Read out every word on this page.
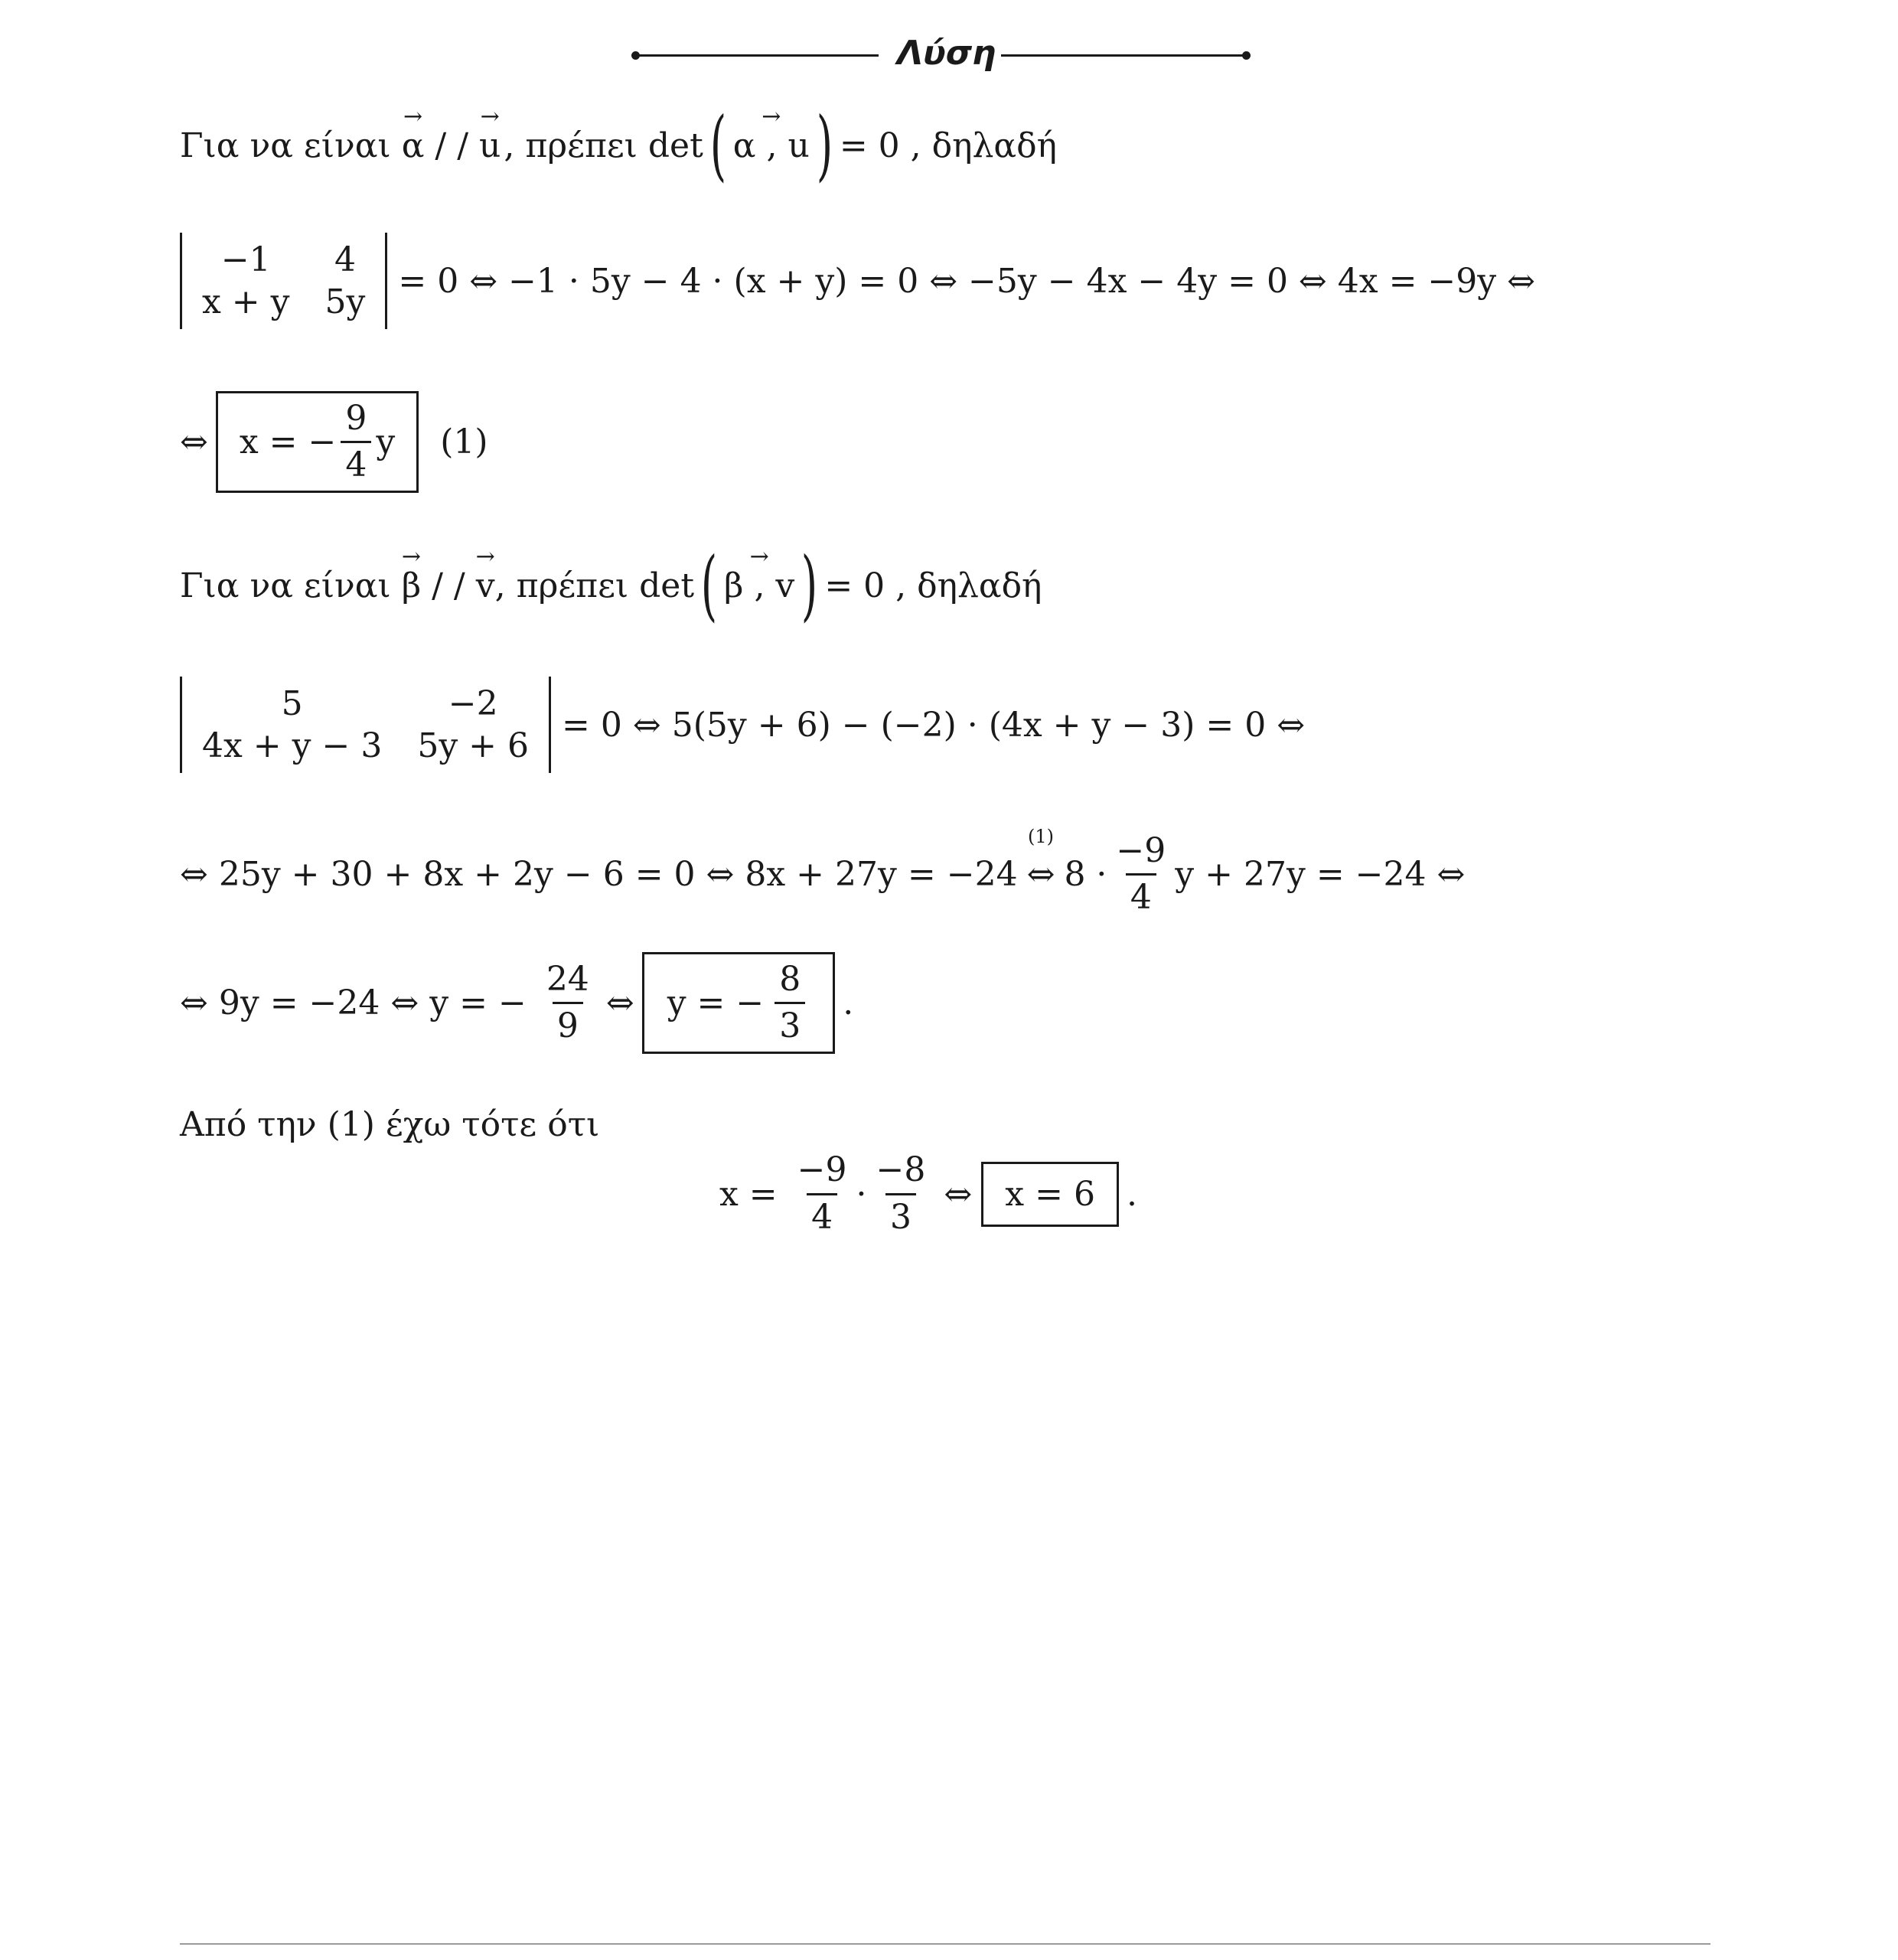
Λύση
Για να είναι → α / / → u , πρέπει det ( → α , u ) = 0 , δηλαδή
−1	4
x + y 5y
= 0 ⇔ −1 · 5y − 4 · (x + y) = 0 ⇔ −5y − 4x − 4y = 0 ⇔ 4x = −9y ⇔
⇔ x = − $\frac{9}{4}$ y (1)
Για να είναι → β / / → v , πρέπει det ( → β , v ) = 0 , δηλαδή
5	−2
4x + y − 3 5y + 6
= 0 ⇔ 5(5y + 6) − (−2) · (4x + y − 3) = 0 ⇔
⇔ 25y + 30 + 8x + 2y − 6 = 0 ⇔ 8x + 27y = −24
(1)
⇔ $8 \cdot \frac{-9}{4}$ y + 27y = −24 ⇔
⇔ 9y = −24 ⇔ y = − $\frac{24}{9}$ ⇔ y = − $\frac{8}{3}$ .
Από την (1) έχω τότε ότι
$x = \frac{-9}{4} \cdot \frac{-8}{3}$ ⇔ x = 6 .
